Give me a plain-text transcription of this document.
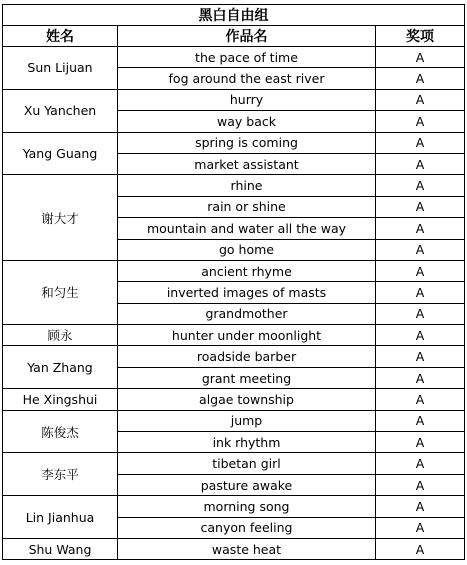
黑白自由组		
姓名	作品名	奖项
Sun Lijuan	the pace of time	A
	fog around the east river	A
Xu Yanchen	hurry	A
	way back	A
Yang Guang	spring is coming	A
	market assistant	A
谢大才	rhine	A
	rain or shine	A
	mountain and water all the way	A
	go home	A
和匀生	ancient rhyme	A
	inverted images of masts	A
	grandmother	A
顾永	hunter under moonlight	A
Yan Zhang	roadside barber	A
	grant meeting	A
He Xingshui	algae township	A
陈俊杰	jump	A
	ink rhythm	A
李东平	tibetan girl	A
	pasture awake	A
Lin Jianhua	morning song	A
	canyon feeling	A
Shu Wang	waste heat	A
